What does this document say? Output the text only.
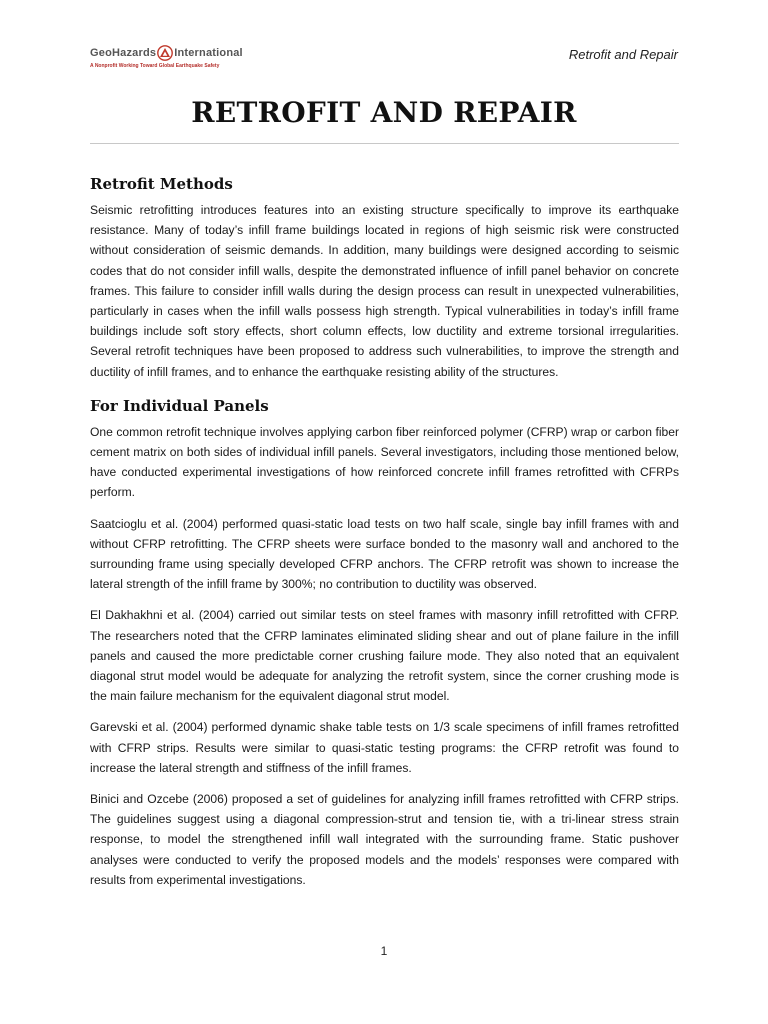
GeoHazards International
A Nonprofit Working Toward Global Earthquake Safety
Retrofit and Repair
RETROFIT AND REPAIR
Retrofit Methods

Seismic retrofitting introduces features into an existing structure specifically to improve its earthquake resistance. Many of today’s infill frame buildings located in regions of high seismic risk were constructed without consideration of seismic demands. In addition, many buildings were designed according to seismic codes that do not consider infill walls, despite the demonstrated influence of infill panel behavior on concrete frames. This failure to consider infill walls during the design process can result in unexpected vulnerabilities, particularly in cases when the infill walls possess high strength. Typical vulnerabilities in today’s infill frame buildings include soft story effects, short column effects, low ductility and extreme torsional irregularities. Several retrofit techniques have been proposed to address such vulnerabilities, to improve the strength and ductility of infill frames, and to enhance the earthquake resisting ability of the structures.

For Individual Panels

One common retrofit technique involves applying carbon fiber reinforced polymer (CFRP) wrap or carbon fiber cement matrix on both sides of individual infill panels. Several investigators, including those mentioned below, have conducted experimental investigations of how reinforced concrete infill frames retrofitted with CFRPs perform.

Saatcioglu et al. (2004) performed quasi-static load tests on two half scale, single bay infill frames with and without CFRP retrofitting. The CFRP sheets were surface bonded to the masonry wall and anchored to the surrounding frame using specially developed CFRP anchors. The CFRP retrofit was shown to increase the lateral strength of the infill frame by 300%; no contribution to ductility was observed.

El Dakhakhni et al. (2004) carried out similar tests on steel frames with masonry infill retrofitted with CFRP. The researchers noted that the CFRP laminates eliminated sliding shear and out of plane failure in the infill panels and caused the more predictable corner crushing failure mode. They also noted that an equivalent diagonal strut model would be adequate for analyzing the retrofit system, since the corner crushing mode is the main failure mechanism for the equivalent diagonal strut model.

Garevski et al. (2004) performed dynamic shake table tests on 1/3 scale specimens of infill frames retrofitted with CFRP strips. Results were similar to quasi-static testing programs: the CFRP retrofit was found to increase the lateral strength and stiffness of the infill frames.

Binici and Ozcebe (2006) proposed a set of guidelines for analyzing infill frames retrofitted with CFRP strips. The guidelines suggest using a diagonal compression-strut and tension tie, with a tri-linear stress strain response, to model the strengthened infill wall integrated with the surrounding frame. Static pushover analyses were conducted to verify the proposed models and the models’ responses were compared with results from experimental investigations.

1
